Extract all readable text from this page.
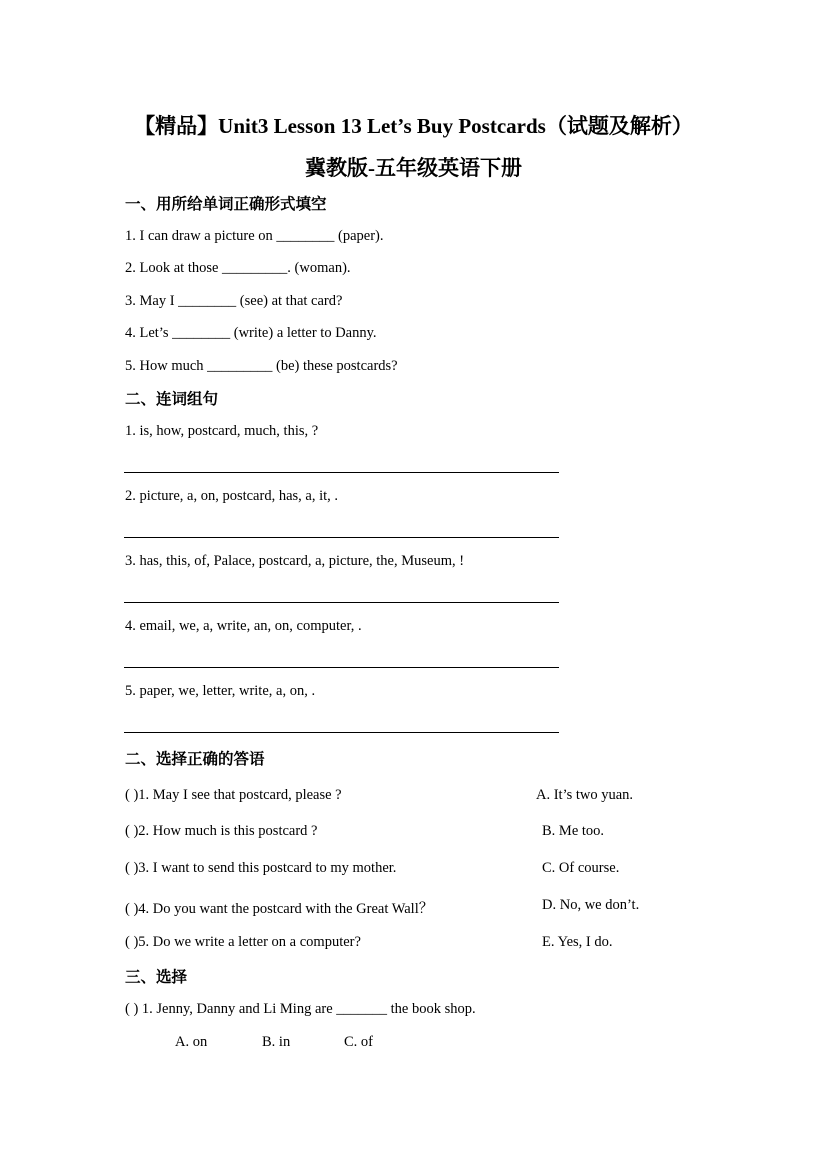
【精品】Unit3 Lesson 13 Let’s Buy Postcards（试题及解析）
冀教版-五年级英语下册
一、用所给单词正确形式填空
1. I can draw a picture on ________ (paper).
2. Look at those _________. (woman).
3. May I ________ (see) at that card?
4. Let’s ________ (write) a letter to Danny.
5. How much _________ (be) these postcards?
二、连词组句
1. is, how, postcard, much, this, ?
2. picture, a, on, postcard, has, a, it, .
3. has, this, of, Palace, postcard, a, picture, the, Museum, !
4. email, we, a, write, an, on, computer, .
5. paper, we, letter, write, a, on, .
二、选择正确的答语
( )1. May I see that postcard, please ?
( )2. How much is this postcard ?
( )3. I want to send this postcard to my mother.
( )4. Do you want the postcard with the Great Wall？
( )5. Do we write a letter on a computer?
A. It’s two yuan.
B. Me too.
C. Of course.
D. No, we don’t.
E. Yes, I do.
三、选择
( ) 1. Jenny, Danny and Li Ming are _______ the book shop.
A. on	B. in	C. of
